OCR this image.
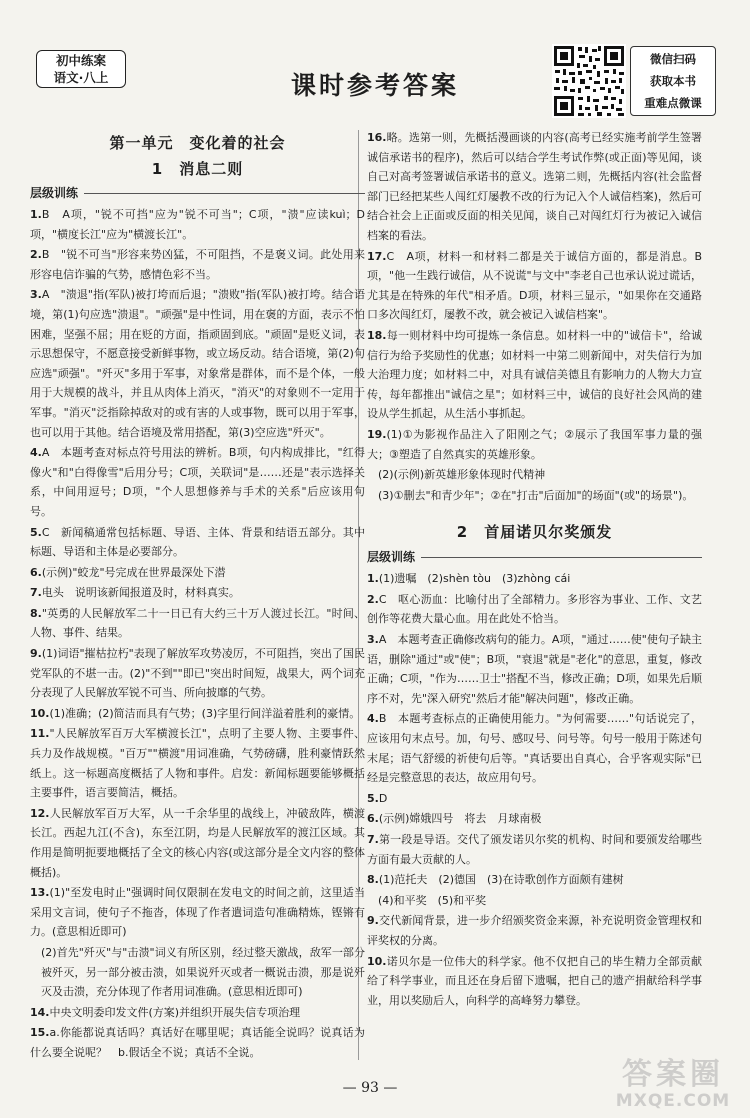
初中练案
语文·八上	课时参考答案
微信扫码
获取本书
重难点微课
第一单元　变化着的社会
1　消息二则
层级训练
1.B　A项，"锐不可挡"应为"锐不可当"；C项，"溃"应读kuì；D项，"横度长江"应为"横渡长江"。
2.B　"锐不可当"形容来势凶猛，不可阻挡，不是褒义词。此处用来形容电信诈骗的气势，感情色彩不当。
3.A　"溃退"指(军队)被打垮而后退；"溃败"指(军队)被打垮。结合语境，第(1)句应选"溃退"。"顽强"是中性词，用在褒的方面，表示不怕困难，坚强不屈；用在贬的方面，指顽固到底。"顽固"是贬义词，表示思想保守，不愿意接受新鲜事物，或立场反动。结合语境，第(2)句应选"顽强"。"歼灭"多用于军事，对象常是群体，而不是个体，一般用于大规模的战斗，并且从肉体上消灭，"消灭"的对象则不一定用于军事。"消灭"泛指除掉敌对的或有害的人或事物，既可以用于军事，也可以用于其他。结合语境及常用搭配，第(3)空应选"歼灭"。
4.A　本题考查对标点符号用法的辨析。B项，句内构成排比，"红得像火"和"白得像雪"后用分号；C项，关联词"是……还是"表示选择关系，中间用逗号；D项，"个人思想修养与手术的关系"后应该用句号。
5.C　新闻稿通常包括标题、导语、主体、背景和结语五部分。其中标题、导语和主体是必要部分。
6.(示例)"蛟龙"号完成在世界最深处下潜
7.电头　说明该新闻报道及时，材料真实。
8."英勇的人民解放军二十一日已有大约三十万人渡过长江。"时间、人物、事件、结果。
9.(1)词语"摧枯拉朽"表现了解放军攻势凌厉，不可阻挡，突出了国民党军队的不堪一击。(2)"不到""即已"突出时间短，战果大，两个词充分表现了人民解放军锐不可当、所向披靡的气势。
10.(1)准确；(2)简洁而具有气势；(3)字里行间洋溢着胜利的豪情。
11."人民解放军百万大军横渡长江"，点明了主要人物、主要事件、兵力及作战规模。"百万""横渡"用词准确，气势磅礴，胜利豪情跃然纸上。这一标题高度概括了人物和事件。启发：新闻标题要能够概括主要事件，语言要简洁，概括。
12.人民解放军百万大军，从一千余华里的战线上，冲破敌阵，横渡长江。西起九江(不含)，东至江阴，均是人民解放军的渡江区域。其作用是简明扼要地概括了全文的核心内容(或这部分是全文内容的整体概括)。
13.(1)"至发电时止"强调时间仅限制在发电文的时间之前，这里适当采用文言词，使句子不拖沓，体现了作者遣词造句准确精炼，铿锵有力。(意思相近即可)
(2)首先"歼灭"与"击溃"词义有所区别，经过整天激战，敌军一部分被歼灭，另一部分被击溃，如果说歼灭或者一概说击溃，那是说歼灭及击溃，充分体现了作者用词准确。(意思相近即可)
14.中央文明委印发文件(方案)并组织开展失信专项治理
15.a.你能都说真话吗？真话好在哪里呢；真话能全说吗？说真话为什么要全说呢？　b.假话全不说；真话不全说。
16.略。选第一则，先概括漫画谈的内容(高考已经实施考前学生签署诚信承诺书的程序)，然后可以结合学生考试作弊(或正面)等见闻，谈自己对高考签署诚信承诺书的意义。选第二则，先概括内容(社会监督部门已经把某些人闯红灯屡教不改的行为记入个人诚信档案)，然后可结合社会上正面或反面的相关见闻，谈自己对闯红灯行为被记入诚信档案的看法。
17.C　A项，材料一和材料二都是关于诚信方面的，都是消息。B项，"他一生践行诚信，从不说谎"与文中"李老自己也承认说过谎话，尤其是在特殊的年代"相矛盾。D项，材料三显示，"如果你在交通路口多次闯红灯，屡教不改，就会被记入诚信档案"。
18.每一则材料中均可提炼一条信息。如材料一中的"诚信卡"，给诚信行为给予奖励性的优惠；如材料一中第二则新闻中，对失信行为加大治理力度；如材料二中，对具有诚信美德且有影响力的人物大力宣传，每年都推出"诚信之星"；如材料三中，诚信的良好社会风尚的建设从学生抓起，从生活小事抓起。
19.(1)①为影视作品注入了阳刚之气；②展示了我国军事力量的强大；③塑造了自然真实的英雄形象。
(2)(示例)新英雄形象体现时代精神
(3)①删去"和青少年"；②在"打击"后面加"的场面"(或"的场景")。
2　首届诺贝尔奖颁发
层级训练
1.(1)遗嘱　(2)shèn tòu　(3)zhòng cái
2.C　呕心沥血：比喻付出了全部精力。多形容为事业、工作、文艺创作等花费大量心血。用在此处不恰当。
3.A　本题考查正确修改病句的能力。A项，"通过……使"使句子缺主语，删除"通过"或"使"；B项，"衰退"就是"老化"的意思，重复，修改正确；C项，"作为……卫士"搭配不当，修改正确；D项，如果先后顺序不对，先"深入研究"然后才能"解决问题"，修改正确。
4.B　本题考查标点的正确使用能力。"为何需要……"句话说完了，应该用句末点号。加，句号、感叹号、问号等。句号一般用于陈述句末尾；语气舒缓的祈使句后等。"真话要出自真心，合乎客观实际"已经是完整意思的表达，故应用句号。
5.D
6.(示例)嫦娥四号　将去　月球南极
7.第一段是导语。交代了颁发诺贝尔奖的机构、时间和要颁发给哪些方面有最大贡献的人。
8.(1)范托夫　(2)德国　(3)在诗歌创作方面颇有建树
(4)和平奖　(5)和平奖
9.交代新闻背景，进一步介绍颁奖资金来源，补充说明资金管理权和评奖权的分离。
10.诺贝尔是一位伟大的科学家。他不仅把自己的毕生精力全部贡献给了科学事业，而且还在身后留下遗嘱，把自己的遗产捐献给科学事业，用以奖励后人，向科学的高峰努力攀登。
— 93 —	答案圈
MXQE.COM
